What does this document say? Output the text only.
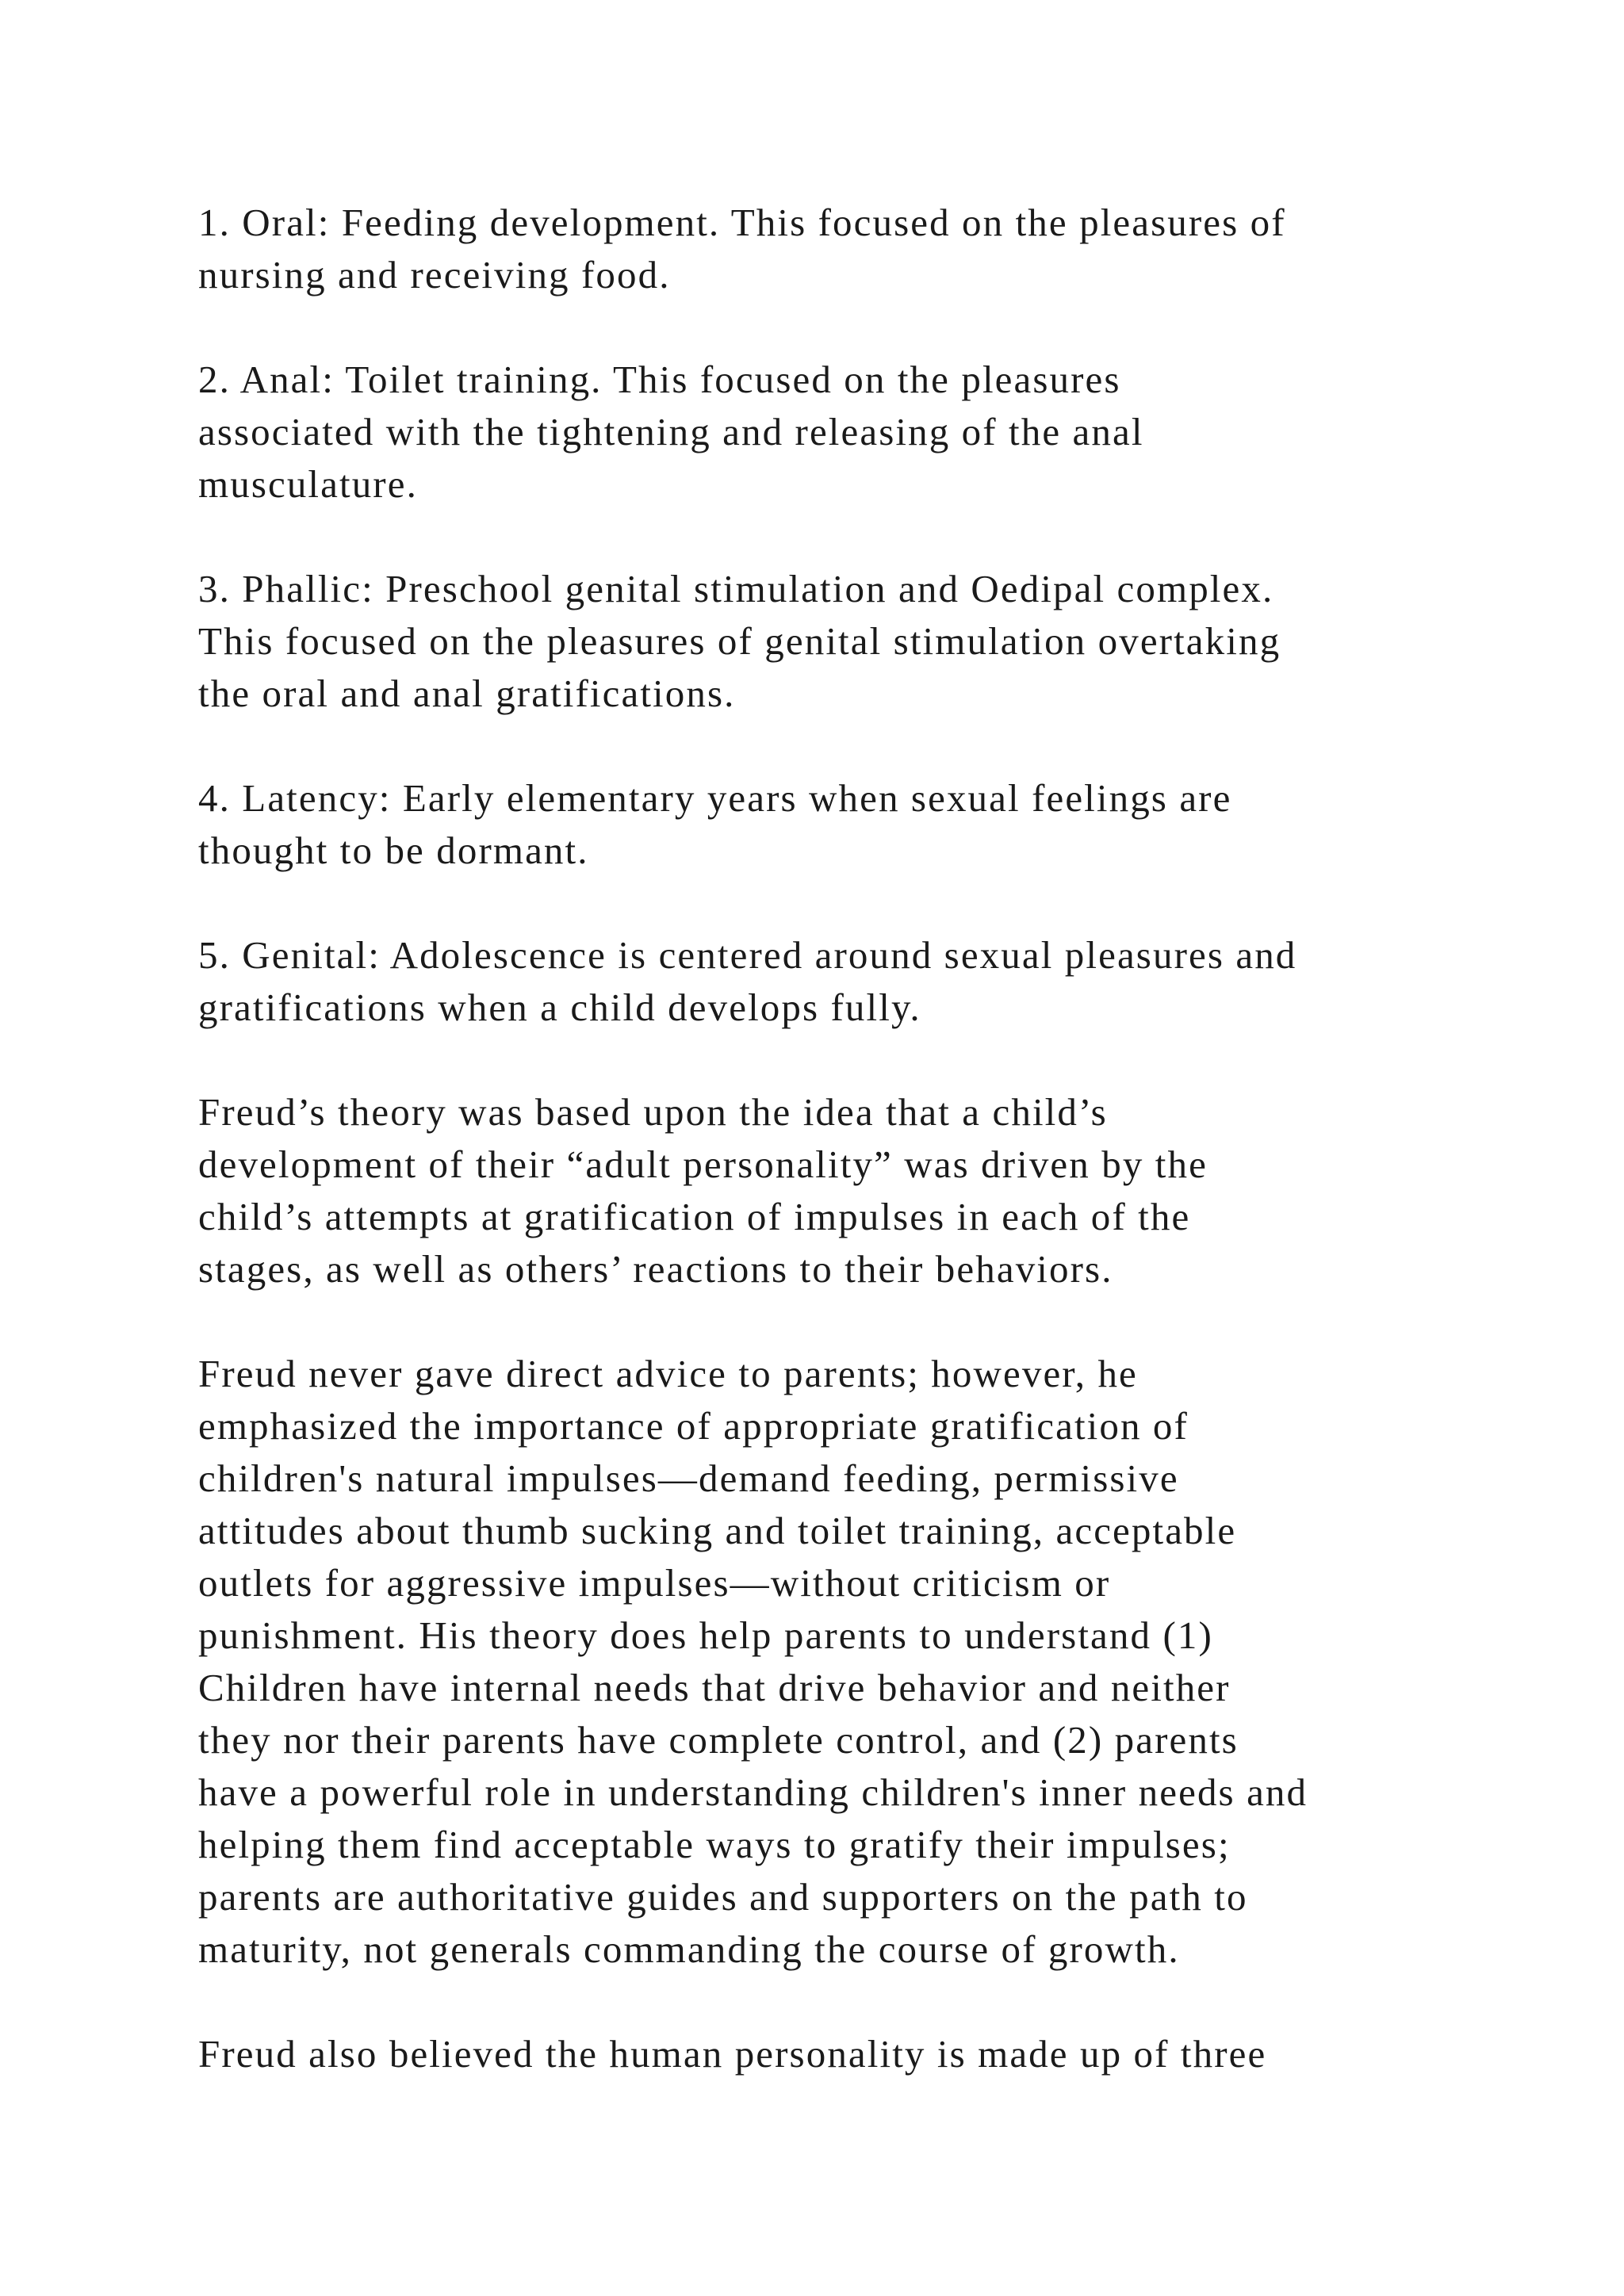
1. Oral: Feeding development. This focused on the pleasures of
nursing and receiving food.

2. Anal: Toilet training. This focused on the pleasures
associated with the tightening and releasing of the anal
musculature.

3. Phallic: Preschool genital stimulation and Oedipal complex.
This focused on the pleasures of genital stimulation overtaking
the oral and anal gratifications.

4. Latency: Early elementary years when sexual feelings are
thought to be dormant.

5. Genital: Adolescence is centered around sexual pleasures and
gratifications when a child develops fully.

Freud’s theory was based upon the idea that a child’s
development of their “adult personality” was driven by the
child’s attempts at gratification of impulses in each of the
stages, as well as others’ reactions to their behaviors.

Freud never gave direct advice to parents; however, he
emphasized the importance of appropriate gratification of
children's natural impulses—demand feeding, permissive
attitudes about thumb sucking and toilet training, acceptable
outlets for aggressive impulses—without criticism or
punishment. His theory does help parents to understand (1)
Children have internal needs that drive behavior and neither
they nor their parents have complete control, and (2) parents
have a powerful role in understanding children's inner needs and
helping them find acceptable ways to gratify their impulses;
parents are authoritative guides and supporters on the path to
maturity, not generals commanding the course of growth.

Freud also believed the human personality is made up of three
